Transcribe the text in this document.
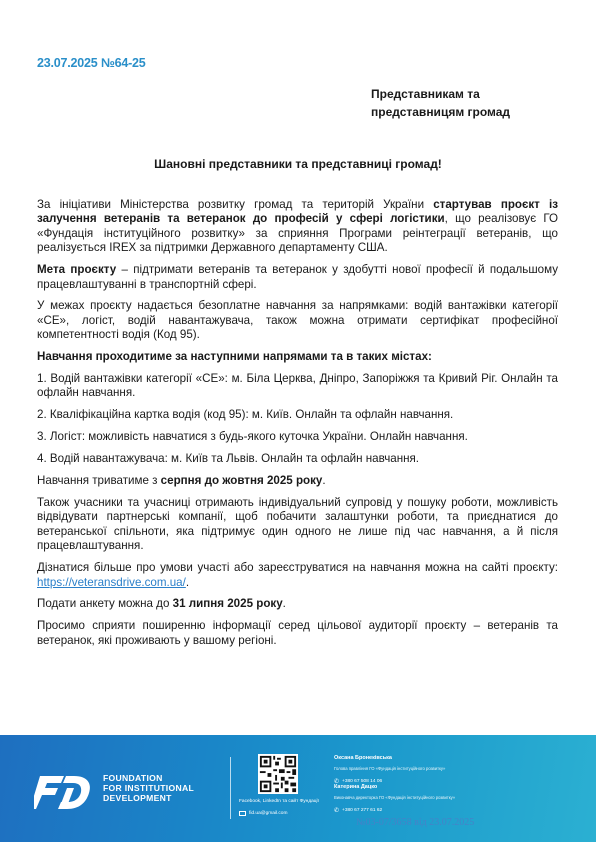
23.07.2025 №64-25
Представникам та
представницям громад
Шановні представники та представниці громад!

За ініціативи Міністерства розвитку громад та територій України стартував проєкт із залучення ветеранів та ветеранок до професій у сфері логістики, що реалізовує ГО «Фундація інституційного розвитку» за сприяння Програми реінтеграції ветеранів, що реалізується IREX за підтримки Державного департаменту США.

Мета проєкту – підтримати ветеранів та ветеранок у здобутті нової професії й подальшому працевлаштуванні в транспортній сфері.

У межах проєкту надається безоплатне навчання за напрямками: водій вантажівки категорії «CE», логіст, водій навантажувача, також можна отримати сертифікат професійної компетентності водія (Код 95).

Навчання проходитиме за наступними напрямами та в таких містах:

1. Водій вантажівки категорії «CE»: м. Біла Церква, Дніпро, Запоріжжя та Кривий Ріг. Онлайн та офлайн навчання.

2. Кваліфікаційна картка водія (код 95): м. Київ. Онлайн та офлайн навчання.

3. Логіст: можливість навчатися з будь-якого куточка України. Онлайн навчання.

4. Водій навантажувача: м. Київ та Львів. Онлайн та офлайн навчання.

Навчання триватиме з серпня до жовтня 2025 року.

Також учасники та учасниці отримають індивідуальний супровід у пошуку роботи, можливість відвідувати партнерські компанії, щоб побачити залаштунки роботи, та приєднатися до ветеранської спільноти, яка підтримує один одного не лише під час навчання, а й після працевлаштування.

Дізнатися більше про умови участі або зареєструватися на навчання можна на сайті проєкту: https://veteransdrive.com.ua/.

Подати анкету можна до 31 липня 2025 року.

Просимо сприяти поширенню інформації серед цільової аудиторії проєкту – ветеранів та ветеранок, які проживають у вашому регіоні.

FOUNDATION
FOR INSTITUTIONAL
DEVELOPMENT	Facebook, LinkedIn та сайт Фундації
fid.ua@gmail.com
Оксана Бронеківська
Голова правління ГО «Фундація інституційного розвитку»
✆ +380 67 508 14 06
Катерина Дацко
Виконавча директорка ГО «Фундація інституційного розвитку»
✆ +380 67 277 61 62
№03-07/3658 від 23.07.2025
